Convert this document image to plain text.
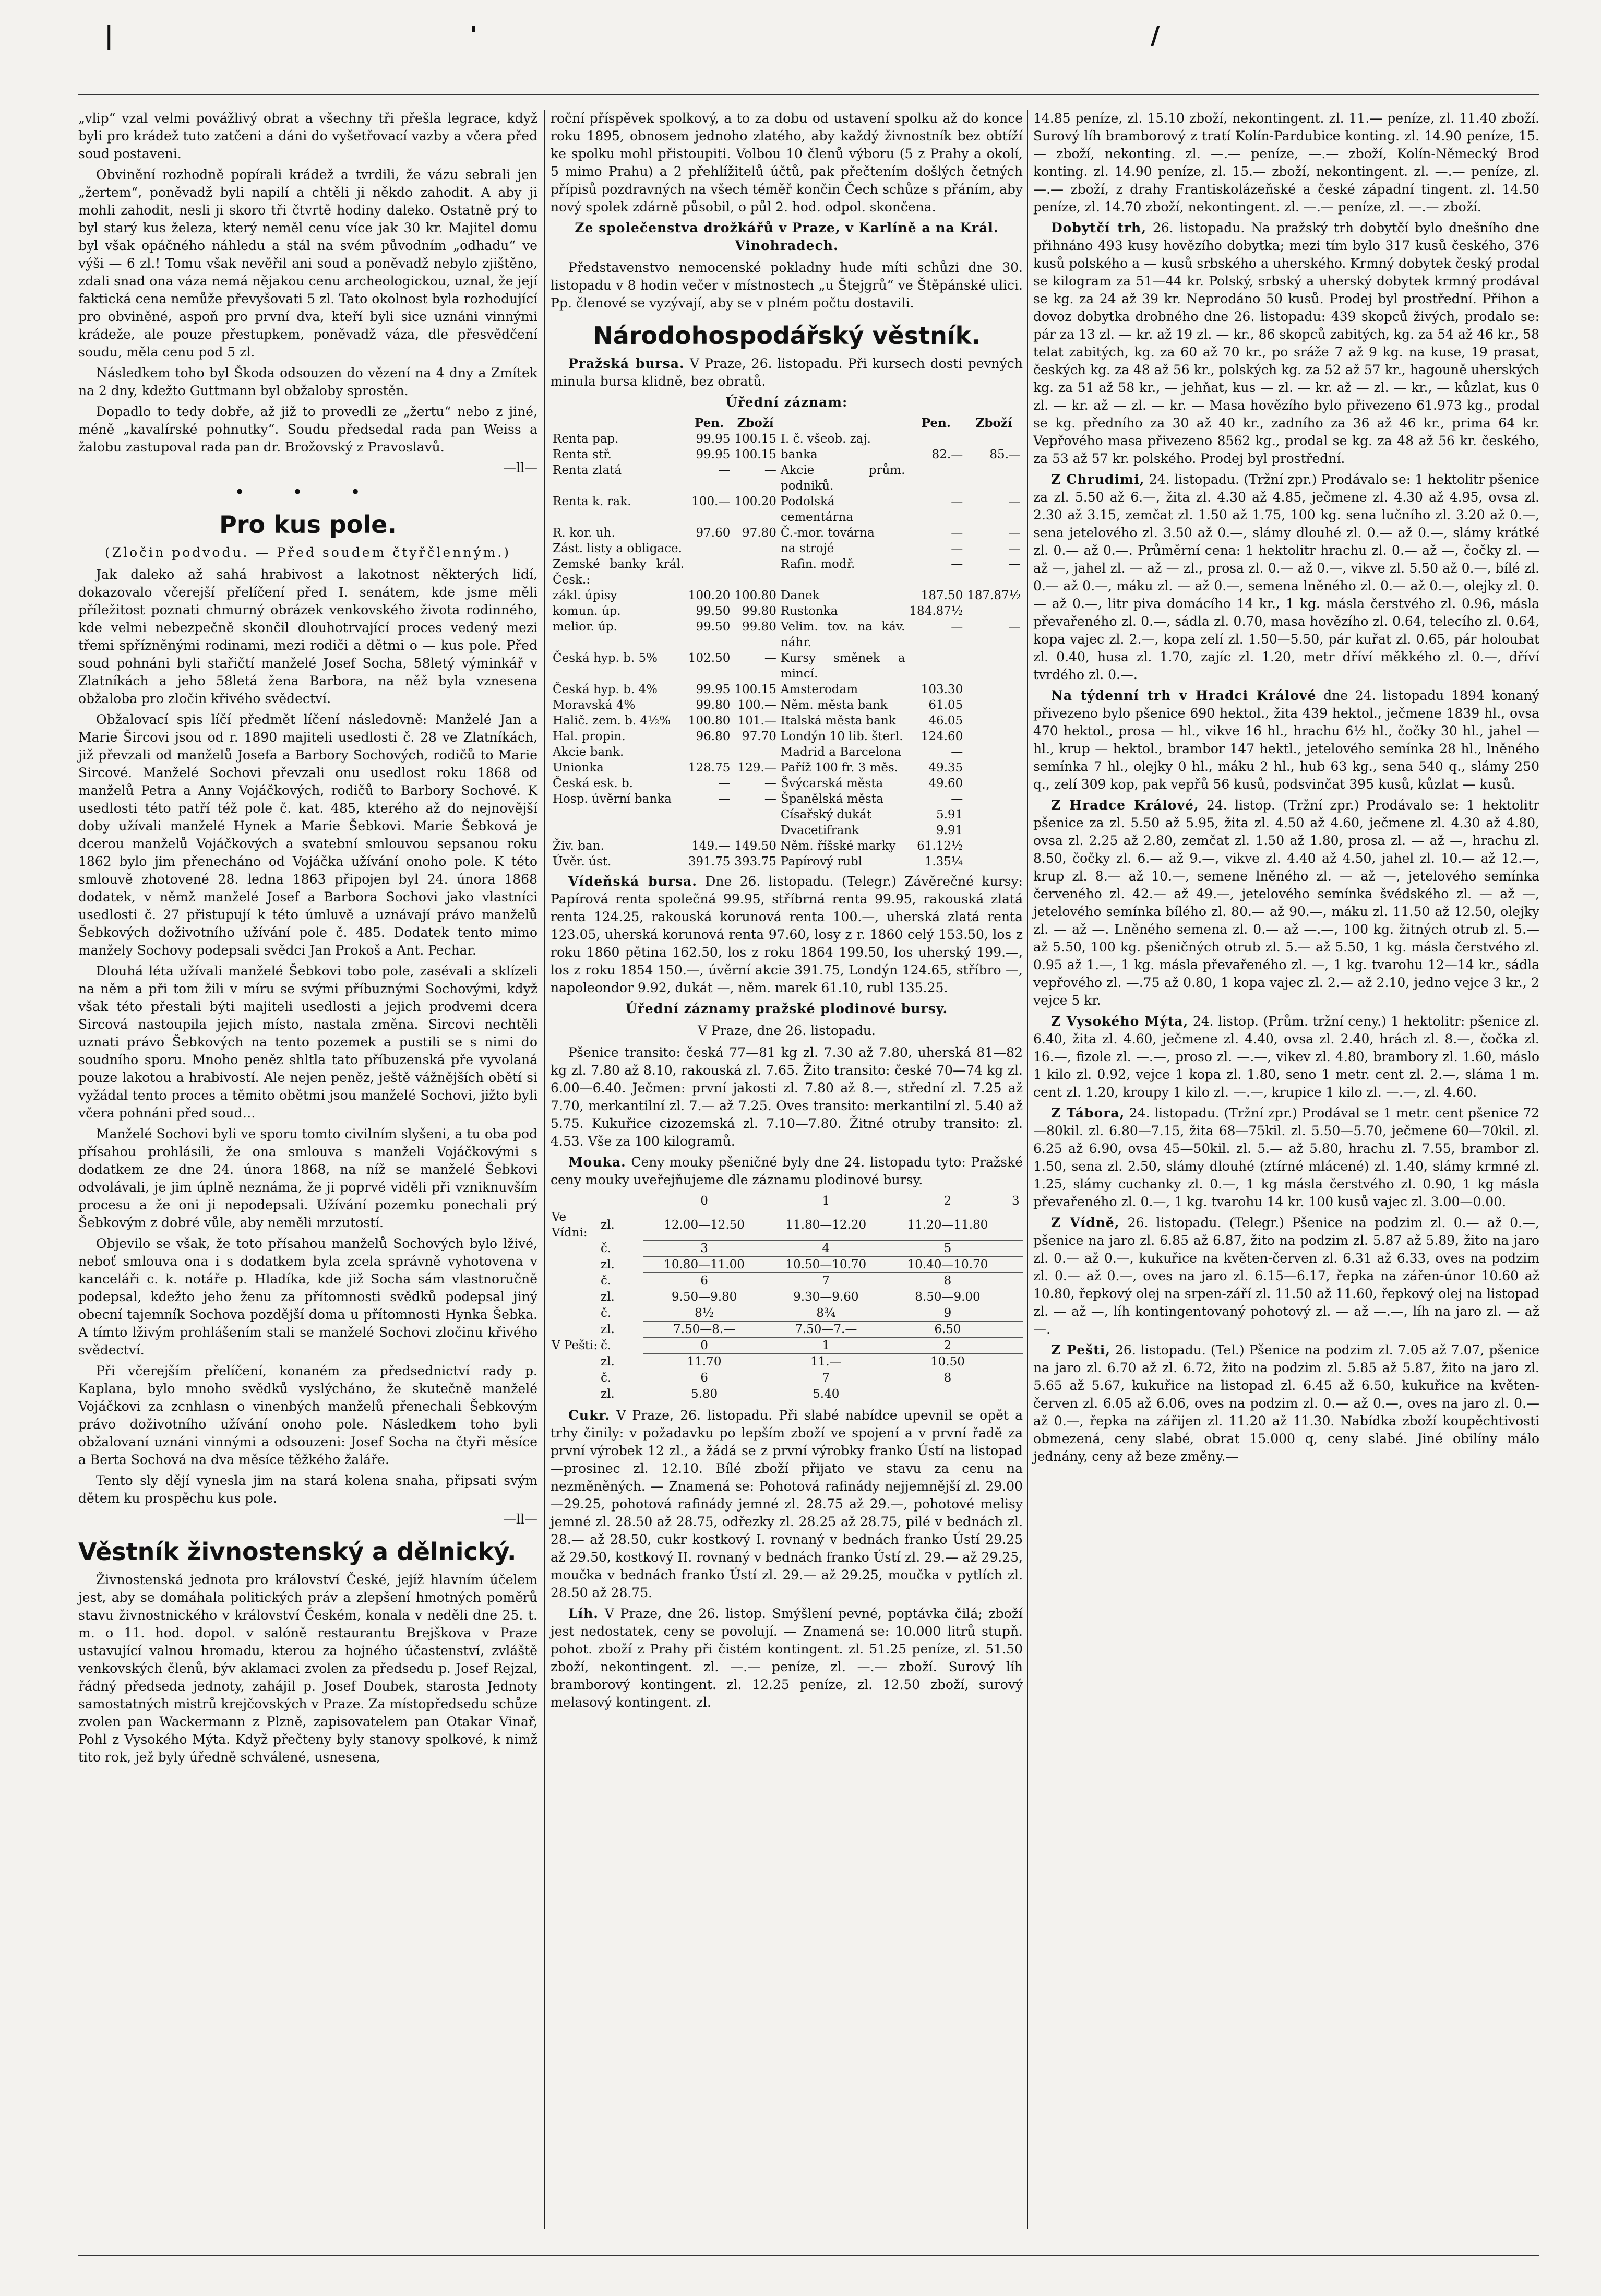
|	'	/

„vlip“ vzal velmi povážlivý obrat a všechny tři přešla legrace, když byli pro krádež tuto zatčeni a dáni do vyšetřovací vazby a včera před soud postaveni.

Obvinění rozhodně popírali krádež a tvrdili, že vázu sebrali jen „žertem“, poněvadž byli napilí a chtěli ji někdo zahodit. A aby ji mohli zahodit, nesli ji skoro tři čtvrtě hodiny daleko. Ostatně prý to byl starý kus železa, který neměl cenu více jak 30 kr. Majitel domu byl však opáčného náhledu a stál na svém původním „odhadu“ ve výši — 6 zl.! Tomu však nevěřil ani soud a poněvadž nebylo zjištěno, zdali snad ona váza nemá nějakou cenu archeologickou, uznal, že její faktická cena nemůže převyšovati 5 zl. Tato okolnost byla rozhodující pro obviněné, aspoň pro první dva, kteří byli sice uznáni vinnými krádeže, ale pouze přestupkem, poněvadž váza, dle přesvědčení soudu, měla cenu pod 5 zl.

Následkem toho byl Škoda odsouzen do vězení na 4 dny a Zmítek na 2 dny, kdežto Guttmann byl obžaloby sprostěn.

Dopadlo to tedy dobře, až již to provedli ze „žertu“ nebo z jiné, méně „kavalírské pohnutky“. Soudu předsedal rada pan Weiss a žalobu zastupoval rada pan dr. Brožovský z Pravoslavů.

—ll—
• • •
Pro kus pole.
(Zločin podvodu. — Před soudem čtyřčlenným.)

Jak daleko až sahá hrabivost a lakotnost některých lidí, dokazovalo včerejší přelíčení před I. senátem, kde jsme měli příležitost poznati chmurný obrázek venkovského života rodinného, kde velmi nebezpečně skončil dlouhotrvající proces vedený mezi třemi spřízněnými rodinami, mezi rodiči a dětmi o — kus pole. Před soud pohnáni byli stařičtí manželé Josef Socha, 58letý výminkář v Zlatníkách a jeho 58letá žena Barbora, na něž byla vznesena obžaloba pro zločin křivého svědectví.

Obžalovací spis líčí předmět líčení následovně: Manželé Jan a Marie Šircovi jsou od r. 1890 majiteli usedlosti č. 28 ve Zlatníkách, již převzali od manželů Josefa a Barbory Sochových, rodičů to Marie Sircové. Manželé Sochovi převzali onu usedlost roku 1868 od manželů Petra a Anny Vojáčkových, rodičů to Barbory Sochové. K usedlosti této patří též pole č. kat. 485, kterého až do nejnovější doby užívali manželé Hynek a Marie Šebkovi. Marie Šebková je dcerou manželů Vojáčkových a svatební smlouvou sepsanou roku 1862 bylo jim přenecháno od Vojáčka užívání onoho pole. K této smlouvě zhotovené 28. ledna 1863 připojen byl 24. února 1868 dodatek, v němž manželé Josef a Barbora Sochovi jako vlastníci usedlosti č. 27 přistupují k této úmluvě a uznávají právo manželů Šebkových doživotního užívání pole č. 485. Dodatek tento mimo manžely Sochovy podepsali svědci Jan Prokoš a Ant. Pechar.

Dlouhá léta užívali manželé Šebkovi tobo pole, zasévali a sklízeli na něm a při tom žili v míru se svými příbuznými Sochovými, když však této přestali býti majiteli usedlosti a jejich prodvemi dcera Sircová nastoupila jejich místo, nastala změna. Sircovi nechtěli uznati právo Šebkových na tento pozemek a pustili se s nimi do soudního sporu. Mnoho peněz shltla tato příbuzenská pře vyvolaná pouze lakotou a hrabivostí. Ale nejen peněz, ještě vážnějších obětí si vyžádal tento proces a těmito obětmi jsou manželé Sochovi, jižto byli včera pohnáni před soud…

Manželé Sochovi byli ve sporu tomto civilním slyšeni, a tu oba pod přísahou prohlásili, že ona smlouva s manželi Vojáčkovými s dodatkem ze dne 24. února 1868, na níž se manželé Šebkovi odvolávali, je jim úplně neznáma, že ji poprvé viděli při vzniknuvším procesu a že oni ji nepodepsali. Užívání pozemku ponechali prý Šebkovým z dobré vůle, aby neměli mrzutostí.

Objevilo se však, že toto přísahou manželů Sochových bylo lživé, neboť smlouva ona i s dodatkem byla zcela správně vyhotovena v kanceláři c. k. notáře p. Hladíka, kde již Socha sám vlastnoručně podepsal, kdežto jeho ženu za přítomnosti svědků podepsal jiný obecní tajemník Sochova pozdější doma u přítomnosti Hynka Šebka. A tímto lživým prohlášením stali se manželé Sochovi zločinu křivého svědectví.

Při včerejším přelíčení, konaném za předsednictví rady p. Kaplana, bylo mnoho svědků vyslýcháno, že skutečně manželé Vojáčkovi za zcnhlasn o vinenbých manželů přenechali Šebkovým právo doživotního užívání onoho pole. Následkem toho byli obžalovaní uznáni vinnými a odsouzeni: Josef Socha na čtyři měsíce a Berta Sochová na dva měsíce těžkého žaláře.

Tento sly dějí vynesla jim na stará kolena snaha, připsati svým dětem ku prospěchu kus pole.

—ll—
Věstník živnostenský a dělnický.

Živnostenská jednota pro království České, jejíž hlavním účelem jest, aby se domáhala politických práv a zlepšení hmotných poměrů stavu živnostnického v království Českém, konala v neděli dne 25. t. m. o 11. hod. dopol. v salóně restaurantu Brejškova v Praze ustavující valnou hromadu, kterou za hojného účastenství, zvláště venkovských členů, býv aklamaci zvolen za předsedu p. Josef Rejzal, řádný předseda jednoty, zahájil p. Josef Doubek, starosta Jednoty samostatných mistrů krejčovských v Praze. Za místopředsedu schůze zvolen pan Wackermann z Plzně, zapisovatelem pan Otakar Vinař, Pohl z Vysokého Mýta. Když přečteny byly stanovy spolkové, k nimž tito rok, jež byly úředně schválené, usnesena,

roční příspěvek spolkový, a to za dobu od ustavení spolku až do konce roku 1895, obnosem jednoho zlatého, aby každý živnostník bez obtíží ke spolku mohl přistoupiti. Volbou 10 členů výboru (5 z Prahy a okolí, 5 mimo Prahu) a 2 přehlížitelů účtů, pak přečtením došlých četných přípisů pozdravných na všech téměř končin Čech schůze s přáním, aby nový spolek zdárně působil, o půl 2. hod. odpol. skončena.

Ze společenstva drožkářů v Praze, v Karlíně a na Král. Vinohradech.

Představenstvo nemocenské pokladny hude míti schůzi dne 30. listopadu v 8 hodin večer v místnostech „u Štejgrů“ ve Štěpánské ulici. Pp. členové se vyzývají, aby se v plném počtu dostavili.

Národohospodářský věstník.

Pražská bursa. V Praze, 26. listopadu. Při kursech dosti pevných minula bursa klidně, bez obratů.

Úřední záznam:
	Pen.	Zboží		Pen.	Zboží
Renta pap.	99.95	100.15	I. č. všeob. zaj.		
Renta stř.	99.95	100.15	banka	82.—	85.—
Renta zlatá	—	—	Akcie prům. podniků.		
Renta k. rak.	100.—	100.20	Podolská cementárna	—	—
R. kor. uh.	97.60	97.80	Č.-mor. továrna	—	—
Zást. listy a obligace.			na strojé	—	—
Zemské banky král. Česk.:			Rafin. modř.	—	—
zákl. úpisy	100.20	100.80	Danek	187.50	187.87½
komun. úp.	99.50	99.80	Rustonka	184.87½	
melior. úp.	99.50	99.80	Velim. tov. na káv. náhr.	—	—
Česká hyp. b. 5%	102.50	—	Kursy směnek a mincí.		
Česká hyp. b. 4%	99.95	100.15	Amsterodam	103.30	
Moravská 4%	99.80	100.—	Něm. města bank	61.05	
Halič. zem. b. 4½%	100.80	101.—	Italská města bank	46.05	
Hal. propin.	96.80	97.70	Londýn 10 lib. šterl.	124.60	
Akcie bank.			Madrid a Barcelona	—	
Unionka	128.75	129.—	Paříž 100 fr. 3 měs.	49.35	
Česká esk. b.	—	—	Švýcarská města	49.60	
Hosp. úvěrní banka	—	—	Španělská města	—	
			Císařský dukát	5.91	
			Dvacetifrank	9.91	
Živ. ban.	149.—	149.50	Něm. říšské marky	61.12½	
Úvěr. úst.	391.75	393.75	Papírový rubl	1.35¼	

Vídeňská bursa. Dne 26. listopadu. (Telegr.) Závěrečné kursy: Papírová renta společná 99.95, stříbrná renta 99.95, rakouská zlatá renta 124.25, rakouská korunová renta 100.—, uherská zlatá renta 123.05, uherská korunová renta 97.60, losy z r. 1860 celý 153.50, los z roku 1860 pětina 162.50, los z roku 1864 199.50, los uherský 199.—, los z roku 1854 150.—, úvěrní akcie 391.75, Londýn 124.65, stříbro —, napoleondor 9.92, dukát —, něm. marek 61.10, rubl 135.25.

Úřední záznamy pražské plodinové bursy.
V Praze, dne 26. listopadu.

Pšenice transito: česká 77—81 kg zl. 7.30 až 7.80, uherská 81—82 kg zl. 7.80 až 8.10, rakouská zl. 7.65. Žito transito: české 70—74 kg zl. 6.00—6.40. Ječmen: první jakosti zl. 7.80 až 8.—, střední zl. 7.25 až 7.70, merkantilní zl. 7.— až 7.25. Oves transito: merkantilní zl. 5.40 až 5.75. Kukuřice cizozemská zl. 7.10—7.80. Žitné otruby transito: zl. 4.53. Vše za 100 kilogramů.

Mouka. Ceny mouky pšeničné byly dne 24. listopadu tyto: Pražské ceny mouky uveřejňujeme dle záznamu plodinové bursy.

		0	1	2	3
Ve Vídni:	zl.	12.00—12.50	11.80—12.20	11.20—11.80	
	č.	3	4	5	
	zl.	10.80—11.00	10.50—10.70	10.40—10.70	
	č.	6	7	8	
	zl.	9.50—9.80	9.30—9.60	8.50—9.00	
	č.	8½	8¾	9	
	zl.	7.50—8.—	7.50—7.—	6.50	
V Pešti:	č.	0	1	2	
	zl.	11.70	11.—	10.50	
	č.	6	7	8	
	zl.	5.80	5.40		

Cukr. V Praze, 26. listopadu. Při slabé nabídce upevnil se opět a trhy činily: v požadavku po lepším zboží ve spojení a v první řadě za první výrobek 12 zl., a žádá se z první výrobky franko Ústí na listopad—prosinec zl. 12.10. Bílé zboží přijato ve stavu za cenu na nezměněných. — Znamená se: Pohotová rafinády nejjemnější zl. 29.00—29.25, pohotová rafinády jemné zl. 28.75 až 29.—, pohotové melisy jemné zl. 28.50 až 28.75, odřezky zl. 28.25 až 28.75, pilé v bednách zl. 28.— až 28.50, cukr kostkový I. rovnaný v bednách franko Ústí 29.25 až 29.50, kostkový II. rovnaný v bednách franko Ústí zl. 29.— až 29.25, moučka v bednách franko Ústí zl. 29.— až 29.25, moučka v pytlích zl. 28.50 až 28.75.

Líh. V Praze, dne 26. listop. Smýšlení pevné, poptávka čilá; zboží jest nedostatek, ceny se povolují. — Znamená se: 10.000 litrů stupň. pohot. zboží z Prahy při čistém kontingent. zl. 51.25 peníze, zl. 51.50 zboží, nekontingent. zl. —.— peníze, zl. —.— zboží. Surový líh bramborový kontingent. zl. 12.25 peníze, zl. 12.50 zboží, surový melasový kontingent. zl.

14.85 peníze, zl. 15.10 zboží, nekontingent. zl. 11.— peníze, zl. 11.40 zboží. Surový líh bramborový z tratí Kolín-Pardubice konting. zl. 14.90 peníze, 15.— zboží, nekonting. zl. —.— peníze, —.— zboží, Kolín-Německý Brod konting. zl. 14.90 peníze, zl. 15.— zboží, nekontingent. zl. —.— peníze, zl. —.— zboží, z drahy Frantiskolázeňské a české západní tingent. zl. 14.50 peníze, zl. 14.70 zboží, nekontingent. zl. —.— peníze, zl. —.— zboží.

Dobytčí trh, 26. listopadu. Na pražský trh dobytčí bylo dnešního dne přihnáno 493 kusy hovězího dobytka; mezi tím bylo 317 kusů českého, 376 kusů polského a — kusů srbského a uherského. Krmný dobytek český prodal se kilogram za 51—44 kr. Polský, srbský a uherský dobytek krmný prodával se kg. za 24 až 39 kr. Neprodáno 50 kusů. Prodej byl prostřední. Přihon a dovoz dobytka drobného dne 26. listopadu: 439 skopců živých, prodalo se: pár za 13 zl. — kr. až 19 zl. — kr., 86 skopců zabitých, kg. za 54 až 46 kr., 58 telat zabitých, kg. za 60 až 70 kr., po sráže 7 až 9 kg. na kuse, 19 prasat, českých kg. za 48 až 56 kr., polských kg. za 52 až 57 kr., hagouně uherských kg. za 51 až 58 kr., — jehňat, kus — zl. — kr. až — zl. — kr., — kůzlat, kus 0 zl. — kr. až — zl. — kr. — Masa hovězího bylo přivezeno 61.973 kg., prodal se kg. předního za 30 až 40 kr., zadního za 36 až 46 kr., prima 64 kr. Vepřového masa přivezeno 8562 kg., prodal se kg. za 48 až 56 kr. českého, za 53 až 57 kr. polského. Prodej byl prostřední.

Z Chrudimi, 24. listopadu. (Tržní zpr.) Prodávalo se: 1 hektolitr pšenice za zl. 5.50 až 6.—, žita zl. 4.30 až 4.85, ječmene zl. 4.30 až 4.95, ovsa zl. 2.30 až 3.15, zemčat zl. 1.50 až 1.75, 100 kg. sena lučního zl. 3.20 až 0.—, sena jetelového zl. 3.50 až 0.—, slámy dlouhé zl. 0.— až 0.—, slámy krátké zl. 0.— až 0.—. Průměrní cena: 1 hektolitr hrachu zl. 0.— až —, čočky zl. — až —, jahel zl. — až — zl., prosa zl. 0.— až 0.—, vikve zl. 5.50 až 0.—, bílé zl. 0.— až 0.—, máku zl. — až 0.—, semena lněného zl. 0.— až 0.—, olejky zl. 0.— až 0.—, litr piva domácího 14 kr., 1 kg. másla čerstvého zl. 0.96, másla převařeného zl. 0.—, sádla zl. 0.70, masa hovězího zl. 0.64, telecího zl. 0.64, kopa vajec zl. 2.—, kopa zelí zl. 1.50—5.50, pár kuřat zl. 0.65, pár holoubat zl. 0.40, husa zl. 1.70, zajíc zl. 1.20, metr dříví měkkého zl. 0.—, dříví tvrdého zl. 0.—.

Na týdenní trh v Hradci Králové dne 24. listopadu 1894 konaný přivezeno bylo pšenice 690 hektol., žita 439 hektol., ječmene 1839 hl., ovsa 470 hektol., prosa — hl., vikve 16 hl., hrachu 6½ hl., čočky 30 hl., jahel — hl., krup — hektol., brambor 147 hektl., jetelového semínka 28 hl., lněného semínka 7 hl., olejky 0 hl., máku 2 hl., hub 63 kg., sena 540 q., slámy 250 q., zelí 309 kop, pak vepřů 56 kusů, podsvinčat 395 kusů, kůzlat — kusů.

Z Hradce Králové, 24. listop. (Tržní zpr.) Prodávalo se: 1 hektolitr pšenice za zl. 5.50 až 5.95, žita zl. 4.50 až 4.60, ječmene zl. 4.30 až 4.80, ovsa zl. 2.25 až 2.80, zemčat zl. 1.50 až 1.80, prosa zl. — až —, hrachu zl. 8.50, čočky zl. 6.— až 9.—, vikve zl. 4.40 až 4.50, jahel zl. 10.— až 12.—, krup zl. 8.— až 10.—, semene lněného zl. — až —, jetelového semínka červeného zl. 42.— až 49.—, jetelového semínka švédského zl. — až —, jetelového semínka bílého zl. 80.— až 90.—, máku zl. 11.50 až 12.50, olejky zl. — až —. Lněného semena zl. 0.— až —.—, 100 kg. žitných otrub zl. 5.— až 5.50, 100 kg. pšeničných otrub zl. 5.— až 5.50, 1 kg. másla čerstvého zl. 0.95 až 1.—, 1 kg. másla převařeného zl. —, 1 kg. tvarohu 12—14 kr., sádla vepřového zl. —.75 až 0.80, 1 kopa vajec zl. 2.— až 2.10, jedno vejce 3 kr., 2 vejce 5 kr.

Z Vysokého Mýta, 24. listop. (Prům. tržní ceny.) 1 hektolitr: pšenice zl. 6.40, žita zl. 4.60, ječmene zl. 4.40, ovsa zl. 2.40, hrách zl. 8.—, čočka zl. 16.—, fizole zl. —.—, proso zl. —.—, vikev zl. 4.80, brambory zl. 1.60, máslo 1 kilo zl. 0.92, vejce 1 kopa zl. 1.80, seno 1 metr. cent zl. 2.—, sláma 1 m. cent zl. 1.20, kroupy 1 kilo zl. —.—, krupice 1 kilo zl. —.—, zl. 4.60.

Z Tábora, 24. listopadu. (Tržní zpr.) Prodával se 1 metr. cent pšenice 72—80kil. zl. 6.80—7.15, žita 68—75kil. zl. 5.50—5.70, ječmene 60—70kil. zl. 6.25 až 6.90, ovsa 45—50kil. zl. 5.— až 5.80, hrachu zl. 7.55, brambor zl. 1.50, sena zl. 2.50, slámy dlouhé (ztírné mlácené) zl. 1.40, slámy krmné zl. 1.25, slámy cuchanky zl. 0.—, 1 kg másla čerstvého zl. 0.90, 1 kg másla převařeného zl. 0.—, 1 kg. tvarohu 14 kr. 100 kusů vajec zl. 3.00—0.00.

Z Vídně, 26. listopadu. (Telegr.) Pšenice na podzim zl. 0.— až 0.—, pšenice na jaro zl. 6.85 až 6.87, žito na podzim zl. 5.87 až 5.89, žito na jaro zl. 0.— až 0.—, kukuřice na květen-červen zl. 6.31 až 6.33, oves na podzim zl. 0.— až 0.—, oves na jaro zl. 6.15—6.17, řepka na zářen-únor 10.60 až 10.80, řepkový olej na srpen-září zl. 11.50 až 11.60, řepkový olej na listopad zl. — až —, líh kontingentovaný pohotový zl. — až —.—, líh na jaro zl. — až —.

Z Pešti, 26. listopadu. (Tel.) Pšenice na podzim zl. 7.05 až 7.07, pšenice na jaro zl. 6.70 až zl. 6.72, žito na podzim zl. 5.85 až 5.87, žito na jaro zl. 5.65 až 5.67, kukuřice na listopad zl. 6.45 až 6.50, kukuřice na květen-červen zl. 6.05 až 6.06, oves na podzim zl. 0.— až 0.—, oves na jaro zl. 0.— až 0.—, řepka na zářijen zl. 11.20 až 11.30. Nabídka zboží koupěchtivosti obmezená, ceny slabé, obrat 15.000 q, ceny slabé. Jiné obilíny málo jednány, ceny až beze změny.—
